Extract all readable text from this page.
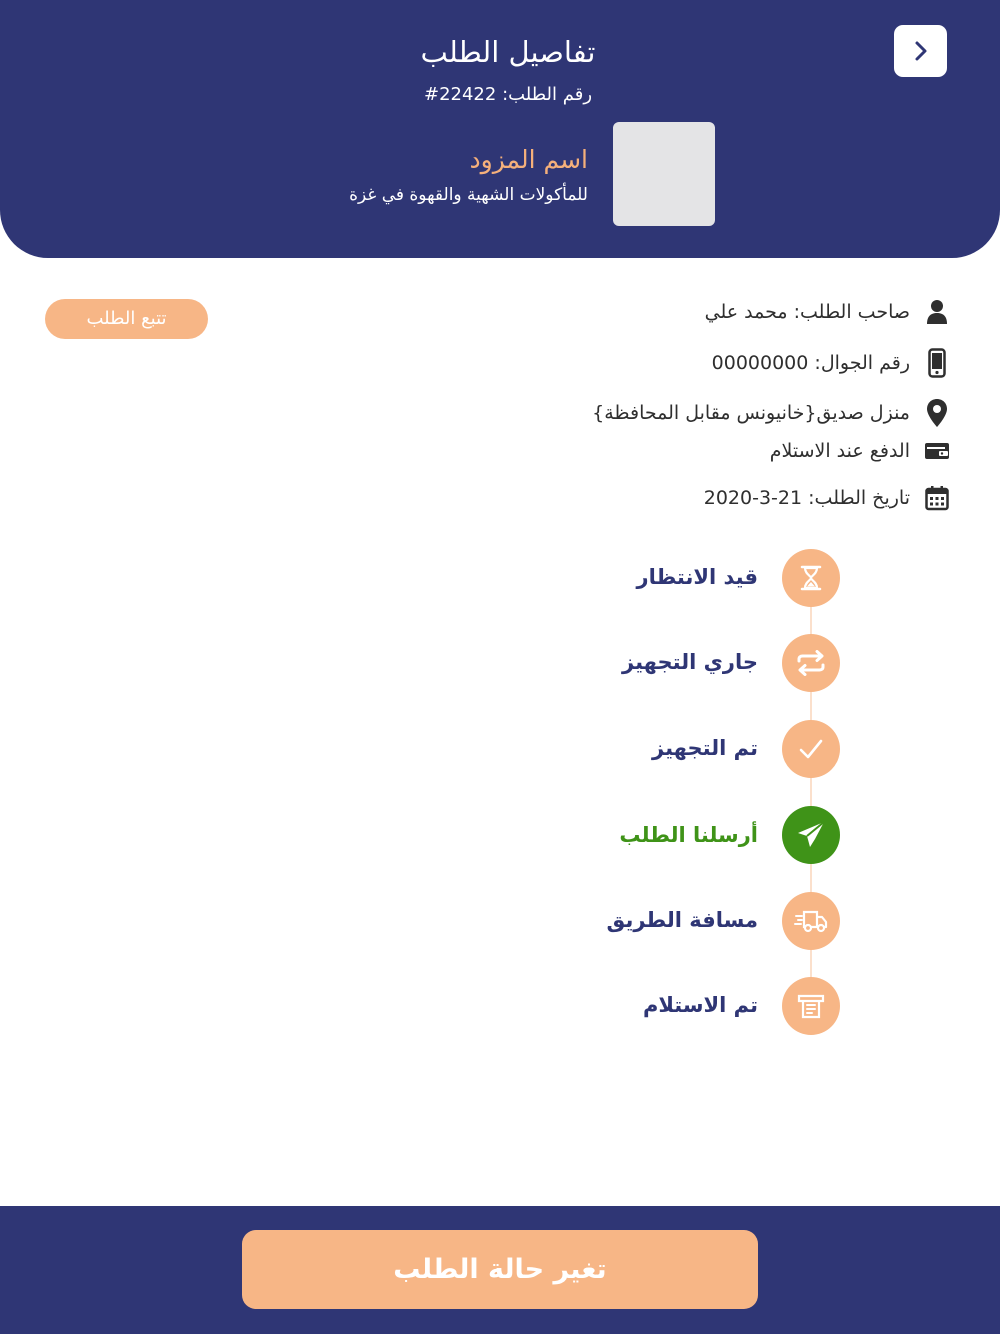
تفاصيل الطلب
رقم الطلب: #22422
اسم المزود
للمأكولات الشهية والقهوة في غزة
تتبع الطلب	صاحب الطلب: محمد علي
رقم الجوال: 00000000
منزل صديق{خانيونس مقابل المحافظة}
الدفع عند الاستلام
تاريخ الطلب: 21-3-2020
قيد الانتظار
جاري التجهيز
تم التجهيز
أرسلنا الطلب
مسافة الطريق
تم الاستلام
تغير حالة الطلب
